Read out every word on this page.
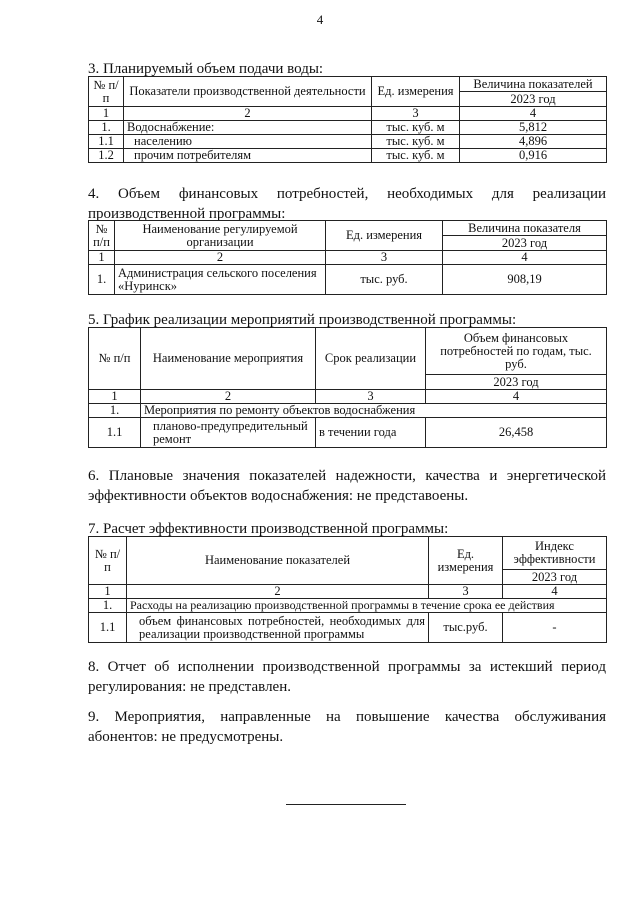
4
3. Планируемый объем подачи воды:
№ п/п	Показатели производственной деятельности	Ед. измерения	Величина показателей
			2023 год
1	2	3	4
1.	Водоснабжение:	тыс. куб. м	5,812
1.1	населению	тыс. куб. м	4,896
1.2	прочим потребителям	тыс. куб. м	0,916
4. Объем финансовых потребностей, необходимых для реализации
производственной программы:
№ п/п	Наименование регулируемой организации	Ед. измерения	Величина показателя
			2023 год
1	2	3	4
1.	Администрация сельского поселения «Нуринск»	тыс. руб.	908,19
5. График реализации мероприятий производственной программы:
№ п/п	Наименование мероприятия	Срок реализации	Объем финансовых потребностей по годам, тыс. руб.
			2023 год
1	2	3	4
1.	Мероприятия по ремонту объектов водоснабжения		
1.1	планово-предупредительный ремонт	в течении года	26,458
6. Плановые значения показателей надежности, качества и энергетической
эффективности объектов водоснабжения: не представоены.
7. Расчет эффективности производственной программы:
№ п/п	Наименование показателей	Ед. измерения	Индекс эффективности
			2023 год
1	2	3	4
1.	Расходы на реализацию производственной программы в течение срока ее действия		
1.1	объем финансовых потребностей, необходимых для реализации производственной программы	тыс.руб.	-
8. Отчет об исполнении производственной программы за истекший период
регулирования: не представлен.
9. Мероприятия, направленные на повышение качества обслуживания
абонентов: не предусмотрены.
